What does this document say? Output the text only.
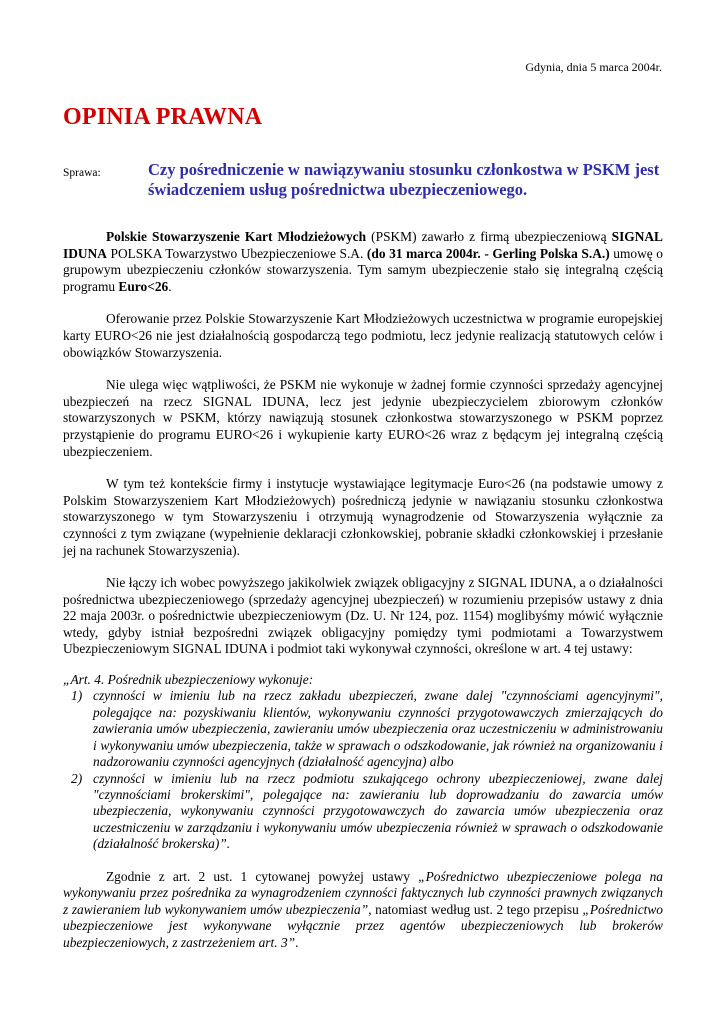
Gdynia, dnia 5 marca 2004r.
OPINIA PRAWNA
Sprawa:	Czy pośredniczenie w nawiązywaniu stosunku członkostwa w PSKM jest świadczeniem usług pośrednictwa ubezpieczeniowego.

Polskie Stowarzyszenie Kart Młodzieżowych (PSKM) zawarło z firmą ubezpieczeniową SIGNAL IDUNA POLSKA Towarzystwo Ubezpieczeniowe S.A. (do 31 marca 2004r. - Gerling Polska S.A.) umowę o grupowym ubezpieczeniu członków stowarzyszenia. Tym samym ubezpieczenie stało się integralną częścią programu Euro<26.

Oferowanie przez Polskie Stowarzyszenie Kart Młodzieżowych uczestnictwa w programie europejskiej karty EURO<26 nie jest działalnością gospodarczą tego podmiotu, lecz jedynie realizacją statutowych celów i obowiązków Stowarzyszenia.

Nie ulega więc wątpliwości, że PSKM nie wykonuje w żadnej formie czynności sprzedaży agencyjnej ubezpieczeń na rzecz SIGNAL IDUNA, lecz jest jedynie ubezpieczycielem zbiorowym członków stowarzyszonych w PSKM, którzy nawiązują stosunek członkostwa stowarzyszonego w PSKM poprzez przystąpienie do programu EURO<26 i wykupienie karty EURO<26 wraz z będącym jej integralną częścią ubezpieczeniem.

W tym też kontekście firmy i instytucje wystawiające legitymacje Euro<26 (na podstawie umowy z Polskim Stowarzyszeniem Kart Młodzieżowych) pośredniczą jedynie w nawiązaniu stosunku członkostwa stowarzyszonego w tym Stowarzyszeniu i otrzymują wynagrodzenie od Stowarzyszenia wyłącznie za czynności z tym związane (wypełnienie deklaracji członkowskiej, pobranie składki członkowskiej i przesłanie jej na rachunek Stowarzyszenia).

Nie łączy ich wobec powyższego jakikolwiek związek obligacyjny z SIGNAL IDUNA, a o działalności pośrednictwa ubezpieczeniowego (sprzedaży agencyjnej ubezpieczeń) w rozumieniu przepisów ustawy z dnia 22 maja 2003r. o pośrednictwie ubezpieczeniowym (Dz. U. Nr 124, poz. 1154) moglibyśmy mówić wyłącznie wtedy, gdyby istniał bezpośredni związek obligacyjny pomiędzy tymi podmiotami a Towarzystwem Ubezpieczeniowym SIGNAL IDUNA i podmiot taki wykonywał czynności, określone w art. 4 tej ustawy:

„Art. 4. Pośrednik ubezpieczeniowy wykonuje:
1) czynności w imieniu lub na rzecz zakładu ubezpieczeń, zwane dalej "czynnościami agencyjnymi", polegające na: pozyskiwaniu klientów, wykonywaniu czynności przygotowawczych zmierzających do zawierania umów ubezpieczenia, zawieraniu umów ubezpieczenia oraz uczestniczeniu w administrowaniu i wykonywaniu umów ubezpieczenia, także w sprawach o odszkodowanie, jak również na organizowaniu i nadzorowaniu czynności agencyjnych (działalność agencyjna) albo
2) czynności w imieniu lub na rzecz podmiotu szukającego ochrony ubezpieczeniowej, zwane dalej "czynnościami brokerskimi", polegające na: zawieraniu lub doprowadzaniu do zawarcia umów ubezpieczenia, wykonywaniu czynności przygotowawczych do zawarcia umów ubezpieczenia oraz uczestniczeniu w zarządzaniu i wykonywaniu umów ubezpieczenia również w sprawach o odszkodowanie (działalność brokerska)”.

Zgodnie z art. 2 ust. 1 cytowanej powyżej ustawy „Pośrednictwo ubezpieczeniowe polega na wykonywaniu przez pośrednika za wynagrodzeniem czynności faktycznych lub czynności prawnych związanych z zawieraniem lub wykonywaniem umów ubezpieczenia”, natomiast według ust. 2 tego przepisu „Pośrednictwo ubezpieczeniowe jest wykonywane wyłącznie przez agentów ubezpieczeniowych lub brokerów ubezpieczeniowych, z zastrzeżeniem art. 3”.
